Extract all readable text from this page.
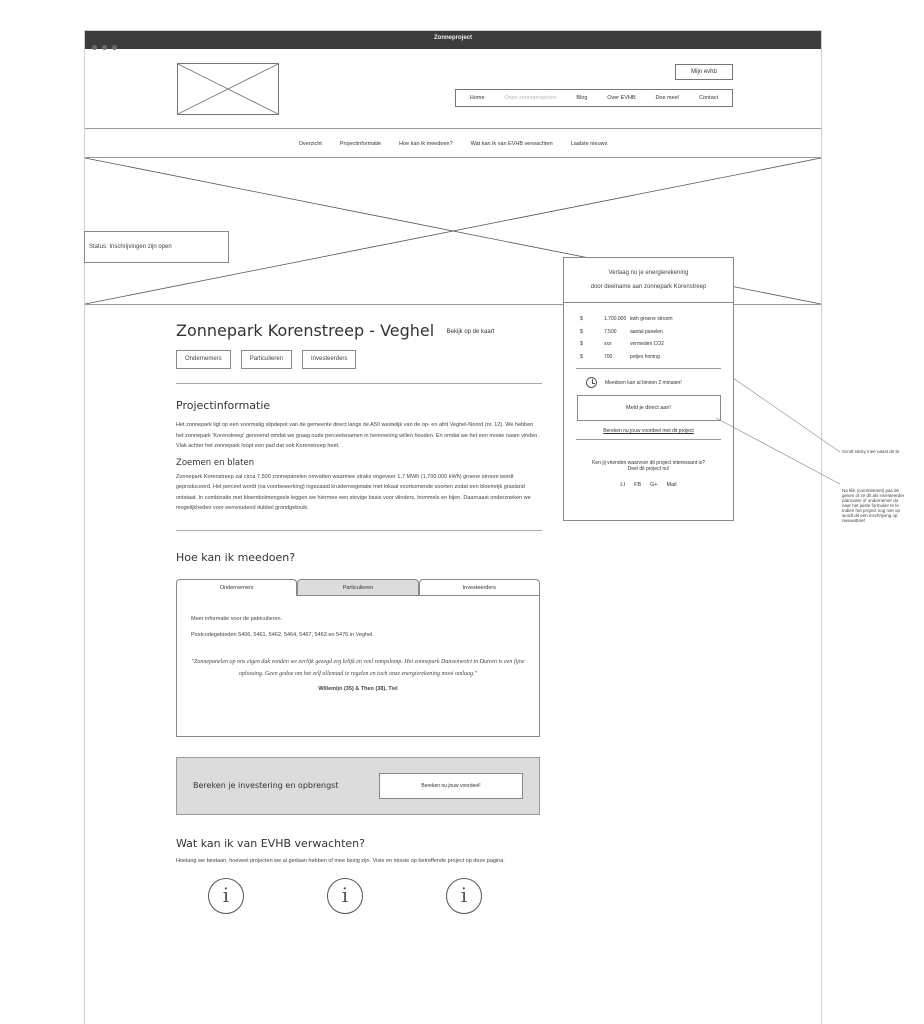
Zonneproject
Mijn evhb
Home	Onze zonneprojecten	Blog	Over EVHB	Doe mee!	Contact
Overzicht	Projectinformatie	Hoe kan ik meedoen?	Wat kan ik van EVHB verwachten	Laatste nieuws
Status: Inschrijvingen zijn open
Verlaag nu je energierekening
door deelname aan zonnepark Korenstreep
$	1.700.000 kwh groene stroom
$	7.500	aantal panelen
$	xxx	vermeden CO2
$	700	potjes honing
Meedoen kan al binnen 2 minuten!
Meld je direct aan!
Bereken nu jouw voordeel met dit project
Ken jij vrienden waarvoor dit project interessant is?
Deel dit project nu!
LI FB G+ Mail
Zonnepark Korenstreep - Veghel Bekijk op de kaart
Ondernemers	Particulieren	Investeerders
Projectinformatie
Het zonnepark ligt op een voormalig slipdepot van de gemeente direct langs de A50 westelijk van de op- en afrit Veghel-Noord (nr. 12). We hebben het zonnepark 'Korenstreep' genoemd omdat we graag oude perceelsnamen in herinnering willen houden. En omdat we het een mooie naam vinden. Vlak achter het zonnepark loopt een pad dat ook Korenstreep heet.
Zoemen en blaten
Zonnepark Korenstreep zal circa 7.500 zonnepanelen omvatten waarmee straks ongeveer 1,7 MWh (1.700.000 kWh) groene stroom wordt geproduceerd. Het perceel wordt (na voorbewerking) ingezaaid kruidenvegetatie met lokaal voorkomende soorten zodat een bloemrijk grasland ontstaat. In combinatie met bloembolmengsels leggen we hiermee een stevige basis voor vlinders, hommels en bijen. Daarnaast onderzoeken we mogelijkheden voor eenvoudend dubbel grondgebruik.
Hoe kan ik meedoen?
Ondernemers	Particulieren	Investeerders
Meer informatie voor de patriculieren.
Postcodegebieden 5406, 5461, 5462, 5464, 5467, 5463 en 5476 in Veghel.
"Zonnepanelen op ons eigen dak vonden we eerlijk gezegd erg lelijk en veel rompslomp. Het zonnepark Dansenwoirt in Duiven is een fijne oplossing. Geen gedoe om het zelf allemaal te regelen en toch onze energierekening mooi omlaag."
Willemijn (35) & Theo (38), Tiel
Bereken je investering en opbrengst	Bereken nu jouw voordeel!
Wat kan ik van EVHB verwachten?
Hoelang we bestaan, hoeveel projecten we al gedaan hebben of mee bezig zijn. Visie en missie op betreffende project op deze pagina.
i	i	i
Scroll sticky mee naast de te
Na klik (commitment) pas de
geven of ze dit als investeerder
patriculier of ondernemer do
naar het juiste formulier te le
Indien het project nog niet op
wordt dit een inschrijving op
nieuwsbrief
